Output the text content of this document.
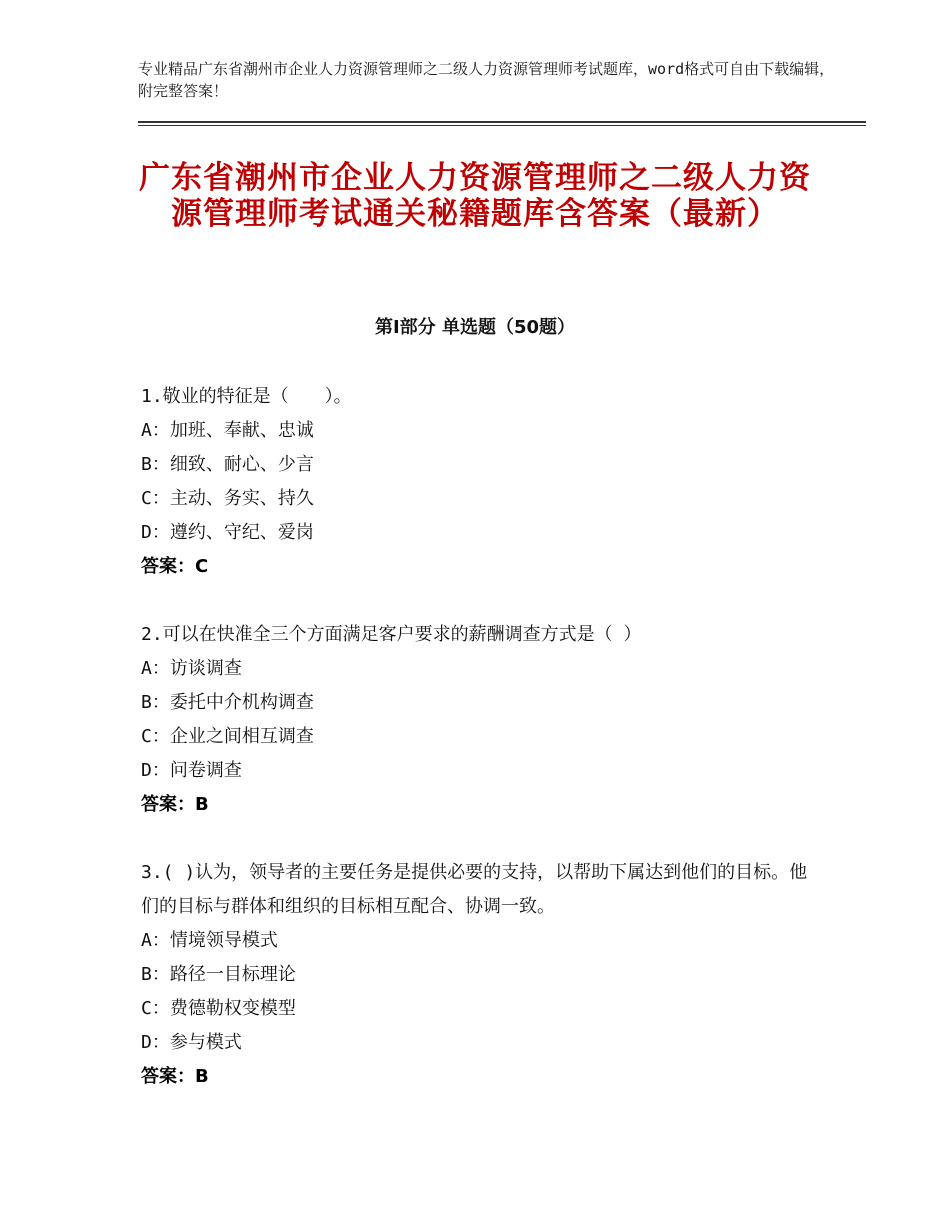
专业精品广东省潮州市企业人力资源管理师之二级人力资源管理师考试题库，word格式可自由下载编辑，附完整答案！
广东省潮州市企业人力资源管理师之二级人力资源管理师考试通关秘籍题库含答案（最新）
第Ⅰ部分 单选题（50题）
1.敬业的特征是（　　）。
A：加班、奉献、忠诚
B：细致、耐心、少言
C：主动、务实、持久
D：遵约、守纪、爱岗
答案：C
2.可以在快准全三个方面满足客户要求的薪酬调查方式是（ ）
A：访谈调查
B：委托中介机构调查
C：企业之间相互调查
D：问卷调查
答案：B
3.( )认为，领导者的主要任务是提供必要的支持，以帮助下属达到他们的目标。他们的目标与群体和组织的目标相互配合、协调一致。
A：情境领导模式
B：路径一目标理论
C：费德勒权变模型
D：参与模式
答案：B
